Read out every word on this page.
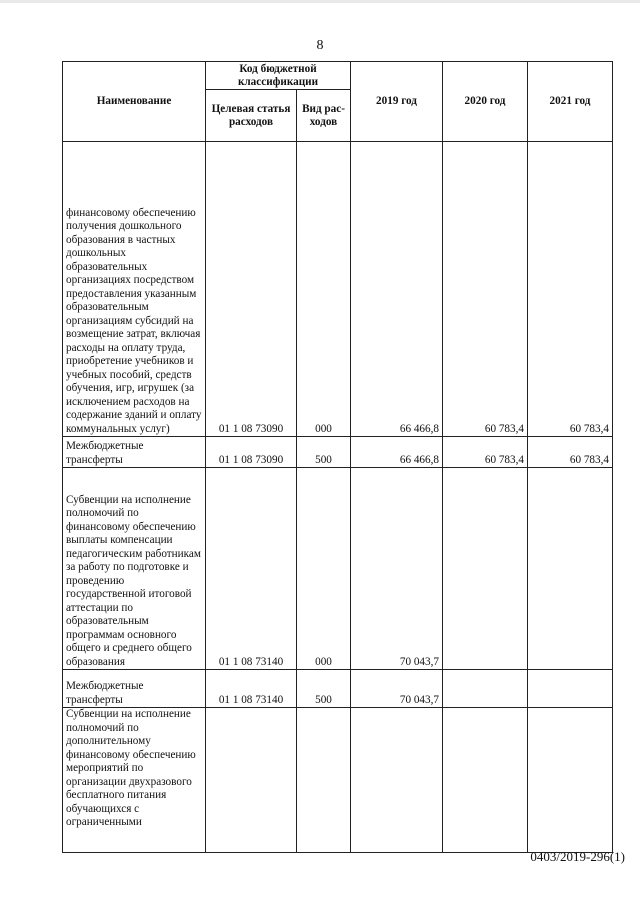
8
Наименование	Код бюджетной классификации		2019 год	2020 год	2021 год
	Целевая статья расходов	Вид рас-ходов			
финансовому обеспечению получения дошкольного образования в частных дошкольных образовательных организациях посредством предоставления указанным образовательным организациям субсидий на возмещение затрат, включая расходы на оплату труда, приобретение учебников и учебных пособий, средств обучения, игр, игрушек (за исключением расходов на содержание зданий и оплату коммунальных услуг)	01 1 08 73090	000	66 466,8	60 783,4	60 783,4
Межбюджетные трансферты	01 1 08 73090	500	66 466,8	60 783,4	60 783,4
Субвенции на исполнение полномочий по финансовому обеспечению выплаты компенсации педагогическим работникам за работу по подготовке и проведению государственной итоговой аттестации по образовательным программам основного общего и среднего общего образования	01 1 08 73140	000	70 043,7		
Межбюджетные трансферты	01 1 08 73140	500	70 043,7		
Субвенции на исполнение полномочий по дополнительному финансовому обеспечению мероприятий по организации двухразового бесплатного питания обучающихся с ограниченными					
0403/2019-296(1)
